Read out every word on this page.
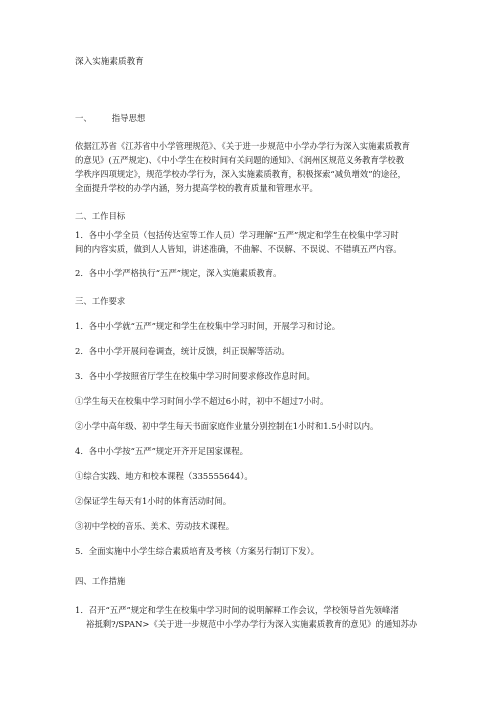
深入实施素质教育
一、 指导思想
依据江苏省《江苏省中小学管理规范》、《关于进一步规范中小学办学行为深入实施素质教育
的意见》(五严规定)、《中小学生在校时间有关问题的通知》、《润州区规范义务教育学校教
学秩序四项规定》，规范学校办学行为，深入实施素质教育，积极探索“减负增效”的途径，
全面提升学校的办学内涵，努力提高学校的教育质量和管理水平。
二、工作目标
1．各中小学全员（包括传达室等工作人员）学习理解“五严”规定和学生在校集中学习时
间的内容实质，做到人人皆知，讲述准确，不曲解、不误解、不误说、不错填五严内容。
2．各中小学严格执行“五严”规定，深入实施素质教育。
三、工作要求
1．各中小学就“五严”规定和学生在校集中学习时间，开展学习和讨论。
2．各中小学开展问卷调查，统计反馈，纠正误解等活动。
3．各中小学按照省厅学生在校集中学习时间要求修改作息时间。
①学生每天在校集中学习时间小学不超过6小时，初中不超过7小时。
②小学中高年级、初中学生每天书面家庭作业量分别控制在1小时和1.5小时以内。
4．各中小学按“五严”规定开齐开足国家课程。
①综合实践、地方和校本课程（335555644）。
②保证学生每天有1小时的体育活动时间。
③初中学校的音乐、美术、劳动技术课程。
5．全面实施中小学生综合素质培育及考核（方案另行制订下发）。
四、工作措施
1．召开“五严”规定和学生在校集中学习时间的说明解释工作会议，学校领导首先领峰渚
裕抵剩?/SPAN>《关于进一步规范中小学办学行为深入实施素质教育的意见》的通知苏办
